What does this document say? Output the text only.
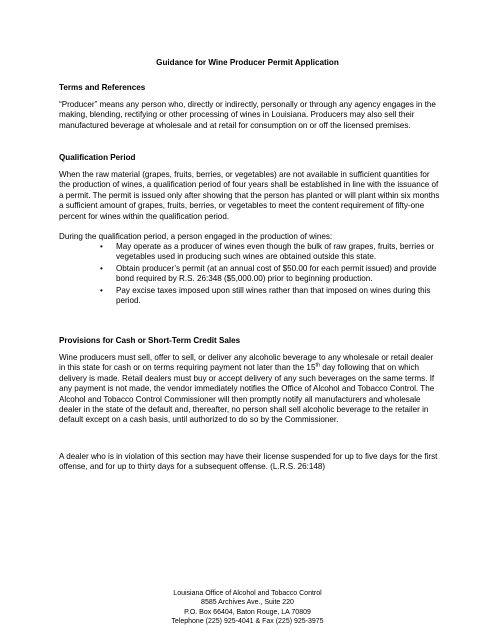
Guidance for Wine Producer Permit Application
Terms and References
“Producer” means any person who, directly or indirectly, personally or through any agency engages in the making, blending, rectifying or other processing of wines in Louisiana. Producers may also sell their manufactured beverage at wholesale and at retail for consumption on or off the licensed premises.
Qualification Period
When the raw material (grapes, fruits, berries, or vegetables) are not available in sufficient quantities for the production of wines, a qualification period of four years shall be established in line with the issuance of a permit. The permit is issued only after showing that the person has planted or will plant within six months a sufficient amount of grapes, fruits, berries, or vegetables to meet the content requirement of fifty-one percent for wines within the qualification period.
During the qualification period, a person engaged in the production of wines:
• May operate as a producer of wines even though the bulk of raw grapes, fruits, berries or vegetables used in producing such wines are obtained outside this state.
• Obtain producer’s permit (at an annual cost of $50.00 for each permit issued) and provide bond required by R.S. 26:348 ($5,000.00) prior to beginning production.
• Pay excise taxes imposed upon still wines rather than that imposed on wines during this period.
Provisions for Cash or Short-Term Credit Sales
Wine producers must sell, offer to sell, or deliver any alcoholic beverage to any wholesale or retail dealer in this state for cash or on terms requiring payment not later than the 15th day following that on which delivery is made. Retail dealers must buy or accept delivery of any such beverages on the same terms. If any payment is not made, the vendor immediately notifies the Office of Alcohol and Tobacco Control. The Alcohol and Tobacco Control Commissioner will then promptly notify all manufacturers and wholesale dealer in the state of the default and, thereafter, no person shall sell alcoholic beverage to the retailer in default except on a cash basis, until authorized to do so by the Commissioner.
A dealer who is in violation of this section may have their license suspended for up to five days for the first offense, and for up to thirty days for a subsequent offense. (L.R.S. 26:148)
Louisiana Office of Alcohol and Tobacco Control
8585 Archives Ave., Suite 220
P.O. Box 66404, Baton Rouge, LA 70809
Telephone (225) 925-4041 & Fax (225) 925-3975
